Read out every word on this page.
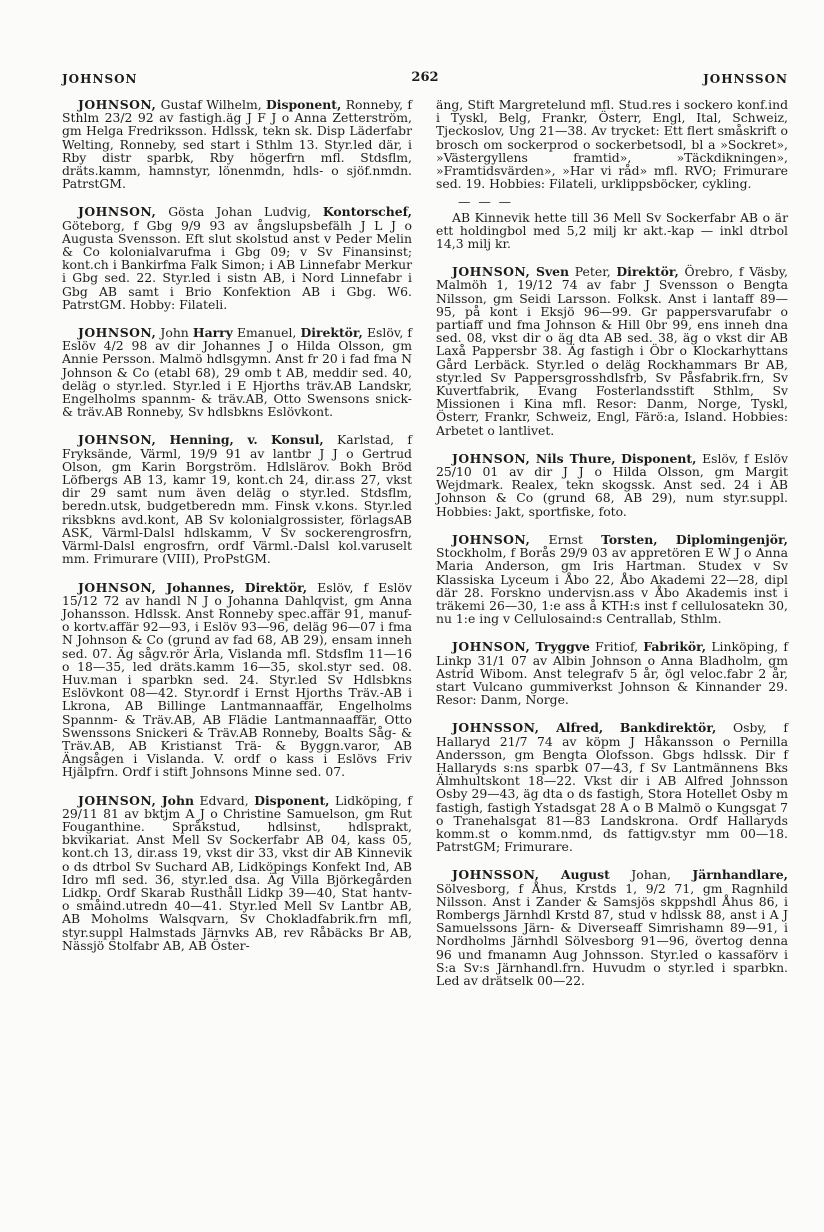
JOHNSON	262	JOHNSSON

JOHNSON, Gustaf Wilhelm, Disponent, Ronneby, f Sthlm 23/2 92 av fastigh.äg J F J o Anna Zetterström, gm Helga Fredriksson. Hdlssk, tekn sk. Disp Läderfabr Welting, Ronneby, sed start i Sthlm 13. Styr.led där, i Rby distr sparbk, Rby högerfrn mfl. Stdsflm, dräts.kamm, hamnstyr, lönenmdn, hdls- o sjöf.nmdn. PatrstGM.

JOHNSON, Gösta Johan Ludvig, Kontorschef, Göteborg, f Gbg 9/9 93 av ångslupsbefälh J L J o Augusta Svensson. Eft slut skolstud anst v Peder Melin & Co kolonialvarufma i Gbg 09; v Sv Finansinst; kont.ch i Bankirfma Falk Simon; i AB Linnefabr Merkur i Gbg sed. 22. Styr.led i sistn AB, i Nord Linnefabr i Gbg AB samt i Brio Konfektion AB i Gbg. W6. PatrstGM. Hobby: Filateli.

JOHNSON, John Harry Emanuel, Direktör, Eslöv, f Eslöv 4/2 98 av dir Johannes J o Hilda Olsson, gm Annie Persson. Malmö hdlsgymn. Anst fr 20 i fad fma N Johnson & Co (etabl 68), 29 omb t AB, meddir sed. 40, deläg o styr.led. Styr.led i E Hjorths träv.AB Landskr, Engelholms spannm- & träv.AB, Otto Swensons snick- & träv.AB Ronneby, Sv hdlsbkns Eslövkont.

JOHNSON, Henning, v. Konsul, Karlstad, f Fryksände, Värml, 19/9 91 av lantbr J J o Gertrud Olson, gm Karin Borgström. Hdlslärov. Bokh Bröd Löfbergs AB 13, kamr 19, kont.ch 24, dir.ass 27, vkst dir 29 samt num även deläg o styr.led. Stdsflm, beredn.utsk, budgetberedn mm. Finsk v.kons. Styr.led riksbkns avd.kont, AB Sv kolonialgrossister, förlagsAB ASK, Värml-Dalsl hdlskamm, V Sv sockerengrosfrn, Värml-Dalsl engrosfrn, ordf Värml.-Dalsl kol.varuselt mm. Frimurare (VIII), ProPstGM.

JOHNSON, Johannes, Direktör, Eslöv, f Eslöv 15/12 72 av handl N J o Johanna Dahlqvist, gm Anna Johansson. Hdlssk. Anst Ronneby spec.affär 91, manuf- o kortv.affär 92—93, i Eslöv 93—96, deläg 96—07 i fma N Johnson & Co (grund av fad 68, AB 29), ensam inneh sed. 07. Äg sågv.rör Ärla, Vislanda mfl. Stdsflm 11—16 o 18—35, led dräts.kamm 16—35, skol.styr sed. 08. Huv.man i sparbkn sed. 24. Styr.led Sv Hdlsbkns Eslövkont 08—42. Styr.ordf i Ernst Hjorths Träv.-AB i Lkrona, AB Billinge Lantmannaaffär, Engelholms Spannm- & Träv.AB, AB Flädie Lantmannaaffär, Otto Swenssons Snickeri & Träv.AB Ronneby, Boalts Såg- & Träv.AB, AB Kristianst Trä- & Byggn.varor, AB Ängsågen i Vislanda. V. ordf o kass i Eslövs Friv Hjälpfrn. Ordf i stift Johnsons Minne sed. 07.

JOHNSON, John Edvard, Disponent, Lidköping, f 29/11 81 av bktjm A J o Christine Samuelson, gm Rut Fouganthine. Språkstud, hdlsinst, hdlsprakt, bkvikariat. Anst Mell Sv Sockerfabr AB 04, kass 05, kont.ch 13, dir.ass 19, vkst dir 33, vkst dir AB Kinnevik o ds dtrbol Sv Suchard AB, Lidköpings Konfekt Ind, AB Idro mfl sed. 36, styr.led dsa. Äg Villa Björkegården Lidkp. Ordf Skarab Rusthåll Lidkp 39—40, Stat hantv- o småind.utredn 40—41. Styr.led Mell Sv Lantbr AB, AB Moholms Walsqvarn, Sv Chokladfabrik.frn mfl, styr.suppl Halmstads Järnvks AB, rev Råbäcks Br AB, Nässjö Stolfabr AB, AB Öster-

äng, Stift Margretelund mfl. Stud.res i sockero konf.ind i Tyskl, Belg, Frankr, Österr, Engl, Ital, Schweiz, Tjeckoslov, Ung 21—38. Av trycket: Ett flert småskrift o brosch om sockerprod o sockerbetsodl, bl a »Sockret», »Västergyllens framtid», »Täckdikningen», »Framtidsvärden», »Har vi råd» mfl. RVO; Frimurare sed. 19. Hobbies: Filateli, urklippsböcker, cykling.

— — —

AB Kinnevik hette till 36 Mell Sv Sockerfabr AB o är ett holdingbol med 5,2 milj kr akt.-kap — inkl dtrbol 14,3 milj kr.

JOHNSON, Sven Peter, Direktör, Örebro, f Väsby, Malmöh 1, 19/12 74 av fabr J Svensson o Bengta Nilsson, gm Seidi Larsson. Folksk. Anst i lantaff 89—95, på kont i Eksjö 96—99. Gr pappersvarufabr o partiaff und fma Johnson & Hill 0br 99, ens inneh dna sed. 08, vkst dir o äg dta AB sed. 38, äg o vkst dir AB Laxå Pappersbr 38. Äg fastigh i Öbr o Klockarhyttans Gård Lerbäck. Styr.led o deläg Rockhammars Br AB, styr.led Sv Pappersgrosshdlsfrb, Sv Påsfabrik.frn, Sv Kuvertfabrik, Evang Fosterlandsstift Sthlm, Sv Missionen i Kina mfl. Resor: Danm, Norge, Tyskl, Österr, Frankr, Schweiz, Engl, Färö:a, Island. Hobbies: Arbetet o lantlivet.

JOHNSON, Nils Thure, Disponent, Eslöv, f Eslöv 25/10 01 av dir J J o Hilda Olsson, gm Margit Wejdmark. Realex, tekn skogssk. Anst sed. 24 i AB Johnson & Co (grund 68, AB 29), num styr.suppl. Hobbies: Jakt, sportfiske, foto.

JOHNSON, Ernst Torsten, Diplomingenjör, Stockholm, f Borås 29/9 03 av appretören E W J o Anna Maria Anderson, gm Iris Hartman. Studex v Sv Klassiska Lyceum i Åbo 22, Åbo Akademi 22—28, dipl där 28. Forskno undervisn.ass v Åbo Akademis inst i träkemi 26—30, 1:e ass å KTH:s inst f cellulosatekn 30, nu 1:e ing v Cellulosaind:s Centrallab, Sthlm.

JOHNSON, Tryggve Fritiof, Fabrikör, Linköping, f Linkp 31/1 07 av Albin Johnson o Anna Bladholm, gm Astrid Wibom. Anst telegrafv 5 år, ögl veloc.fabr 2 år, start Vulcano gummiverkst Johnson & Kinnander 29. Resor: Danm, Norge.

JOHNSSON, Alfred, Bankdirektör, Osby, f Hallaryd 21/7 74 av köpm J Håkansson o Pernilla Andersson, gm Bengta Olofsson. Gbgs hdlssk. Dir f Hallaryds s:ns sparbk 07—43, f Sv Lantmännens Bks Älmhultskont 18—22. Vkst dir i AB Alfred Johnsson Osby 29—43, äg dta o ds fastigh, Stora Hotellet Osby m fastigh, fastigh Ystadsgat 28 A o B Malmö o Kungsgat 7 o Tranehalsgat 81—83 Landskrona. Ordf Hallaryds komm.st o komm.nmd, ds fattigv.styr mm 00—18. PatrstGM; Frimurare.

JOHNSSON, August Johan, Järnhandlare, Sölvesborg, f Åhus, Krstds 1, 9/2 71, gm Ragnhild Nilsson. Anst i Zander & Samsjös skppshdl Åhus 86, i Rombergs Järnhdl Krstd 87, stud v hdlssk 88, anst i A J Samuelssons Järn- & Diverseaff Simrishamn 89—91, i Nordholms Järnhdl Sölvesborg 91—96, övertog denna 96 und fmanamn Aug Johnsson. Styr.led o kassaförv i S:a Sv:s Järnhandl.frn. Huvudm o styr.led i sparbkn. Led av drätselk 00—22.
